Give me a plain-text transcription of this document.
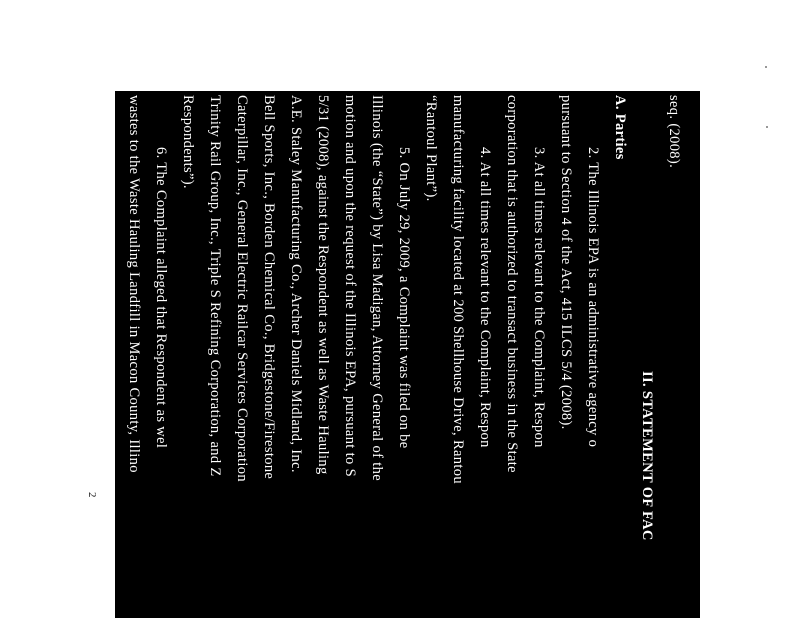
seq. (2008).
II. STATEMENT OF FAC
A. Parties
2. The Illinois EPA is an administrative agency o
pursuant to Section 4 of the Act, 415 ILCS 5/4 (2008).
3. At all times relevant to the Complaint, Respon
corporation that is authorized to transact business in the State
4. At all times relevant to the Complaint, Respon
manufacturing facility located at 200 Shellhouse Drive, Rantou
“Rantoul Plant”).
5. On July 29, 2009, a Complaint was filed on be
Illinois (the “State”) by Lisa Madigan, Attorney General of the
motion and upon the request of the Illinois EPA, pursuant to S
5/31 (2008), against the Respondent as well as Waste Hauling
A.E. Staley Manufacturing Co., Archer Daniels Midland, Inc.
Bell Sports, Inc., Borden Chemical Co., Bridgestone/Firestone
Caterpillar, Inc., General Electric Railcar Services Corporation
Trinity Rail Group, Inc., Triple S Refining Corporation, and Z
Respondents”).
6. The Complaint alleged that Respondent as wel
wastes to the Waste Hauling Landfill in Macon County, Illino
contained hazardous substances. In the Complaint, the Comp
2
